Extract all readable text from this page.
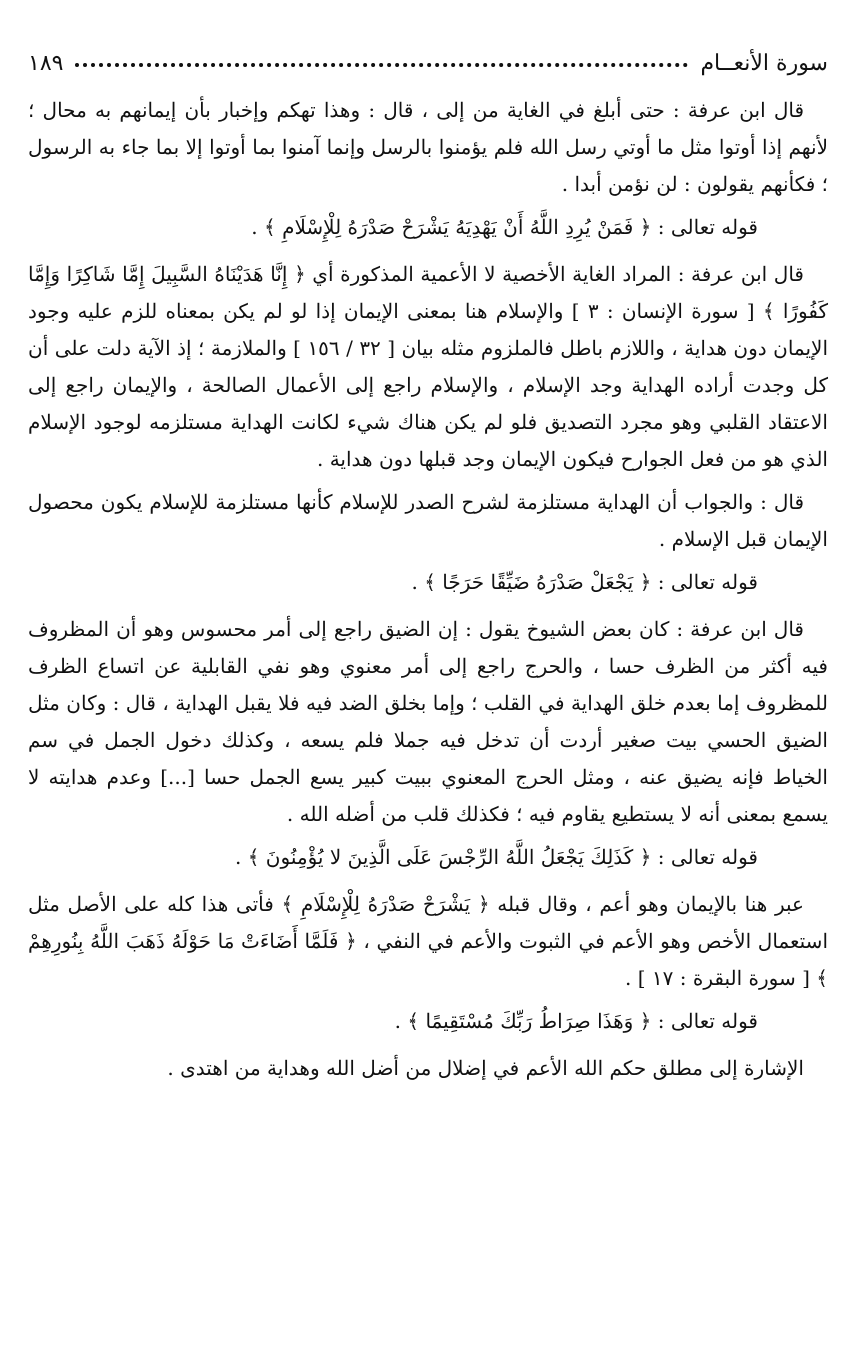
سورة الأنعــام
١٨٩

قال ابن عرفة : حتى أبلغ في الغاية من إلى ، قال : وهذا تهكم وإخبار بأن إيمانهم به محال ؛ لأنهم إذا أوتوا مثل ما أوتي رسل الله فلم يؤمنوا بالرسل وإنما آمنوا بما أوتوا إلا بما جاء به الرسول ؛ فكأنهم يقولون : لن نؤمن أبدا .

قوله تعالى : ﴿ فَمَنْ يُرِدِ اللَّهُ أَنْ يَهْدِيَهُ يَشْرَحْ صَدْرَهُ لِلْإِسْلَامِ ﴾ .

قال ابن عرفة : المراد الغاية الأخصية لا الأعمية المذكورة أي ﴿ إِنَّا هَدَيْنَاهُ السَّبِيلَ إِمَّا شَاكِرًا وَإِمَّا كَفُورًا ﴾ [ سورة الإنسان : ٣ ] والإسلام هنا بمعنى الإيمان إذا لو لم يكن بمعناه للزم عليه وجود الإيمان دون هداية ، واللازم باطل فالملزوم مثله بيان [ ٣٢ / ١٥٦ ] والملازمة ؛ إذ الآية دلت على أن كل وجدت أراده الهداية وجد الإسلام ، والإسلام راجع إلى الأعمال الصالحة ، والإيمان راجع إلى الاعتقاد القلبي وهو مجرد التصديق فلو لم يكن هناك شيء لكانت الهداية مستلزمه لوجود الإسلام الذي هو من فعل الجوارح فيكون الإيمان وجد قبلها دون هداية .

قال : والجواب أن الهداية مستلزمة لشرح الصدر للإسلام كأنها مستلزمة للإسلام يكون محصول الإيمان قبل الإسلام .

قوله تعالى : ﴿ يَجْعَلْ صَدْرَهُ ضَيِّقًا حَرَجًا ﴾ .

قال ابن عرفة : كان بعض الشيوخ يقول : إن الضيق راجع إلى أمر محسوس وهو أن المظروف فيه أكثر من الظرف حسا ، والحرج راجع إلى أمر معنوي وهو نفي القابلية عن اتساع الظرف للمظروف إما بعدم خلق الهداية في القلب ؛ وإما بخلق الضد فيه فلا يقبل الهداية ، قال : وكان مثل الضيق الحسي بيت صغير أردت أن تدخل فيه جملا فلم يسعه ، وكذلك دخول الجمل في سم الخياط فإنه يضيق عنه ، ومثل الحرج المعنوي ببيت كبير يسع الجمل حسا [...] وعدم هدايته لا يسمع بمعنى أنه لا يستطيع يقاوم فيه ؛ فكذلك قلب من أضله الله .

قوله تعالى : ﴿ كَذَلِكَ يَجْعَلُ اللَّهُ الرِّجْسَ عَلَى الَّذِينَ لا يُؤْمِنُونَ ﴾ .

عبر هنا بالإيمان وهو أعم ، وقال قبله ﴿ يَشْرَحْ صَدْرَهُ لِلْإِسْلَامِ ﴾ فأتى هذا كله على الأصل مثل استعمال الأخص وهو الأعم في الثبوت والأعم في النفي ، ﴿ فَلَمَّا أَضَاءَتْ مَا حَوْلَهُ ذَهَبَ اللَّهُ بِنُورِهِمْ ﴾ [ سورة البقرة : ١٧ ] .

قوله تعالى : ﴿ وَهَذَا صِرَاطُ رَبِّكَ مُسْتَقِيمًا ﴾ .

الإشارة إلى مطلق حكم الله الأعم في إضلال من أضل الله وهداية من اهتدى .
